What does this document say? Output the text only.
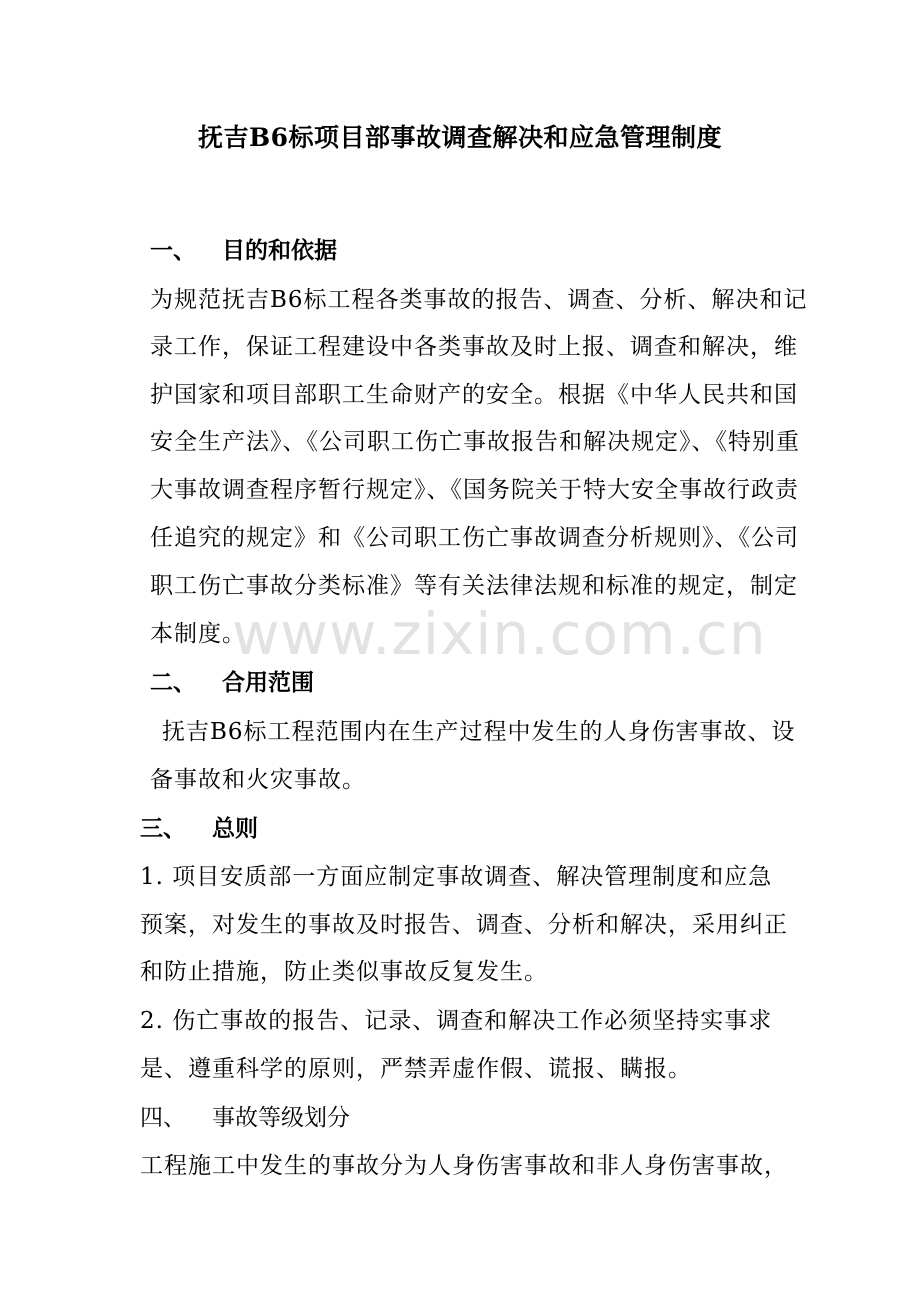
抚吉B6标项目部事故调查解决和应急管理制度
一、 目的和依据
为规范抚吉B6标工程各类事故的报告、调查、分析、解决和记
录工作，保证工程建设中各类事故及时上报、调查和解决，维
护国家和项目部职工生命财产的安全。根据《中华人民共和国
安全生产法》、《公司职工伤亡事故报告和解决规定》、《特别重
大事故调查程序暂行规定》、《国务院关于特大安全事故行政责
任追究的规定》和《公司职工伤亡事故调查分析规则》、《公司
职工伤亡事故分类标准》等有关法律法规和标准的规定，制定
本制度。
二、 合用范围
抚吉B6标工程范围内在生产过程中发生的人身伤害事故、设
备事故和火灾事故。
三、 总则
1. 项目安质部一方面应制定事故调查、解决管理制度和应急
预案，对发生的事故及时报告、调查、分析和解决，采用纠正
和防止措施，防止类似事故反复发生。
2. 伤亡事故的报告、记录、调查和解决工作必须坚持实事求
是、遵重科学的原则，严禁弄虚作假、谎报、瞒报。
四、 事故等级划分
工程施工中发生的事故分为人身伤害事故和非人身伤害事故，
www.zixin.com.cn
